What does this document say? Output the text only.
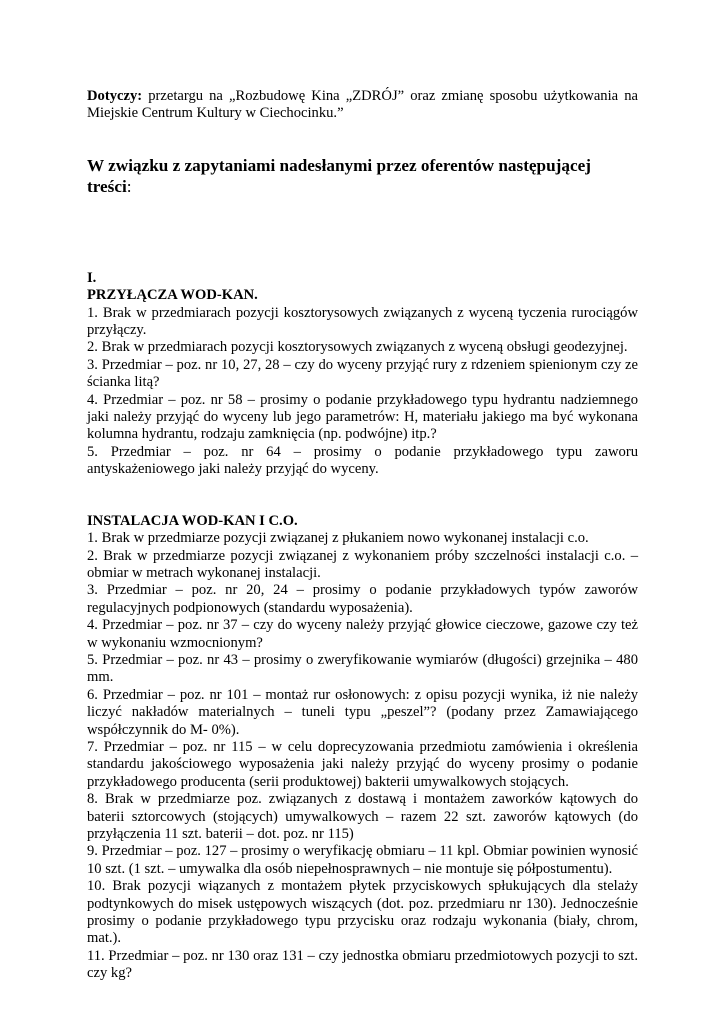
Dotyczy: przetargu na „Rozbudowę Kina „ZDRÓJ” oraz zmianę sposobu użytkowania na Miejskie Centrum Kultury w Ciechocinku.”

W związku z zapytaniami nadesłanymi przez oferentów następującej treści:

I.

PRZYŁĄCZA WOD-KAN.

1. Brak w przedmiarach pozycji kosztorysowych związanych z wyceną tyczenia rurociągów przyłączy.

2. Brak w przedmiarach pozycji kosztorysowych związanych z wyceną obsługi geodezyjnej.

3. Przedmiar – poz. nr 10, 27, 28 – czy do wyceny przyjąć rury z rdzeniem spienionym czy ze ścianka litą?

4. Przedmiar – poz. nr 58 – prosimy o podanie przykładowego typu hydrantu nadziemnego jaki należy przyjąć do wyceny lub jego parametrów: H, materiału jakiego ma być wykonana kolumna hydrantu, rodzaju zamknięcia (np. podwójne) itp.?

5. Przedmiar – poz. nr 64 – prosimy o podanie przykładowego typu zaworu antyskażeniowego jaki należy przyjąć do wyceny.

INSTALACJA WOD-KAN I C.O.

1. Brak w przedmiarze pozycji związanej z płukaniem nowo wykonanej instalacji c.o.

2. Brak w przedmiarze pozycji związanej z wykonaniem próby szczelności instalacji c.o. – obmiar w metrach wykonanej instalacji.

3. Przedmiar – poz. nr 20, 24 – prosimy o podanie przykładowych typów zaworów regulacyjnych podpionowych (standardu wyposażenia).

4. Przedmiar – poz. nr 37 – czy do wyceny należy przyjąć głowice cieczowe, gazowe czy też w wykonaniu wzmocnionym?

5. Przedmiar – poz. nr 43 – prosimy o zweryfikowanie wymiarów (długości) grzejnika – 480 mm.

6. Przedmiar – poz. nr 101 – montaż rur osłonowych: z opisu pozycji wynika, iż nie należy liczyć nakładów materialnych – tuneli typu „peszel”? (podany przez Zamawiającego współczynnik do M- 0%).

7. Przedmiar – poz. nr 115 – w celu doprecyzowania przedmiotu zamówienia i określenia standardu jakościowego wyposażenia jaki należy przyjąć do wyceny prosimy o podanie przykładowego producenta (serii produktowej) bakterii umywalkowych stojących.

8. Brak w przedmiarze poz. związanych z dostawą i montażem zaworków kątowych do baterii sztorcowych (stojących) umywalkowych – razem 22 szt. zaworów kątowych (do przyłączenia 11 szt. baterii – dot. poz. nr 115)

9. Przedmiar – poz. 127 – prosimy o weryfikację obmiaru – 11 kpl. Obmiar powinien wynosić 10 szt. (1 szt. – umywalka dla osób niepełnosprawnych – nie montuje się półpostumentu).

10. Brak pozycji wiązanych z montażem płytek przyciskowych spłukujących dla stelaży podtynkowych do misek ustępowych wiszących (dot. poz. przedmiaru nr 130). Jednocześnie prosimy o podanie przykładowego typu przycisku oraz rodzaju wykonania (biały, chrom, mat.).

11. Przedmiar – poz. nr 130 oraz 131 – czy jednostka obmiaru przedmiotowych pozycji to szt. czy kg?
